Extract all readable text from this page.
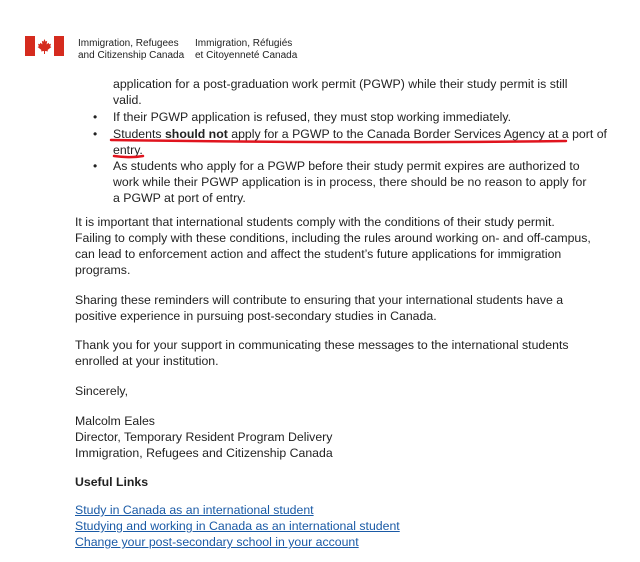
Immigration, Refugees
and Citizenship Canada
Immigration, Réfugiés
et Citoyenneté Canada
application for a post-graduation work permit (PGWP) while their study permit is still
valid.
• If their PGWP application is refused, they must stop working immediately.
• Students should not apply for a PGWP to the Canada Border Services Agency at a port of
entry.
• As students who apply for a PGWP before their study permit expires are authorized to
work while their PGWP application is in process, there should be no reason to apply for
a PGWP at port of entry.
It is important that international students comply with the conditions of their study permit.
Failing to comply with these conditions, including the rules around working on- and off-campus,
can lead to enforcement action and affect the student’s future applications for immigration
programs.
Sharing these reminders will contribute to ensuring that your international students have a
positive experience in pursuing post-secondary studies in Canada.
Thank you for your support in communicating these messages to the international students
enrolled at your institution.
Sincerely,
Malcolm Eales
Director, Temporary Resident Program Delivery
Immigration, Refugees and Citizenship Canada
Useful Links
Study in Canada as an international student
Studying and working in Canada as an international student
Change your post-secondary school in your account
